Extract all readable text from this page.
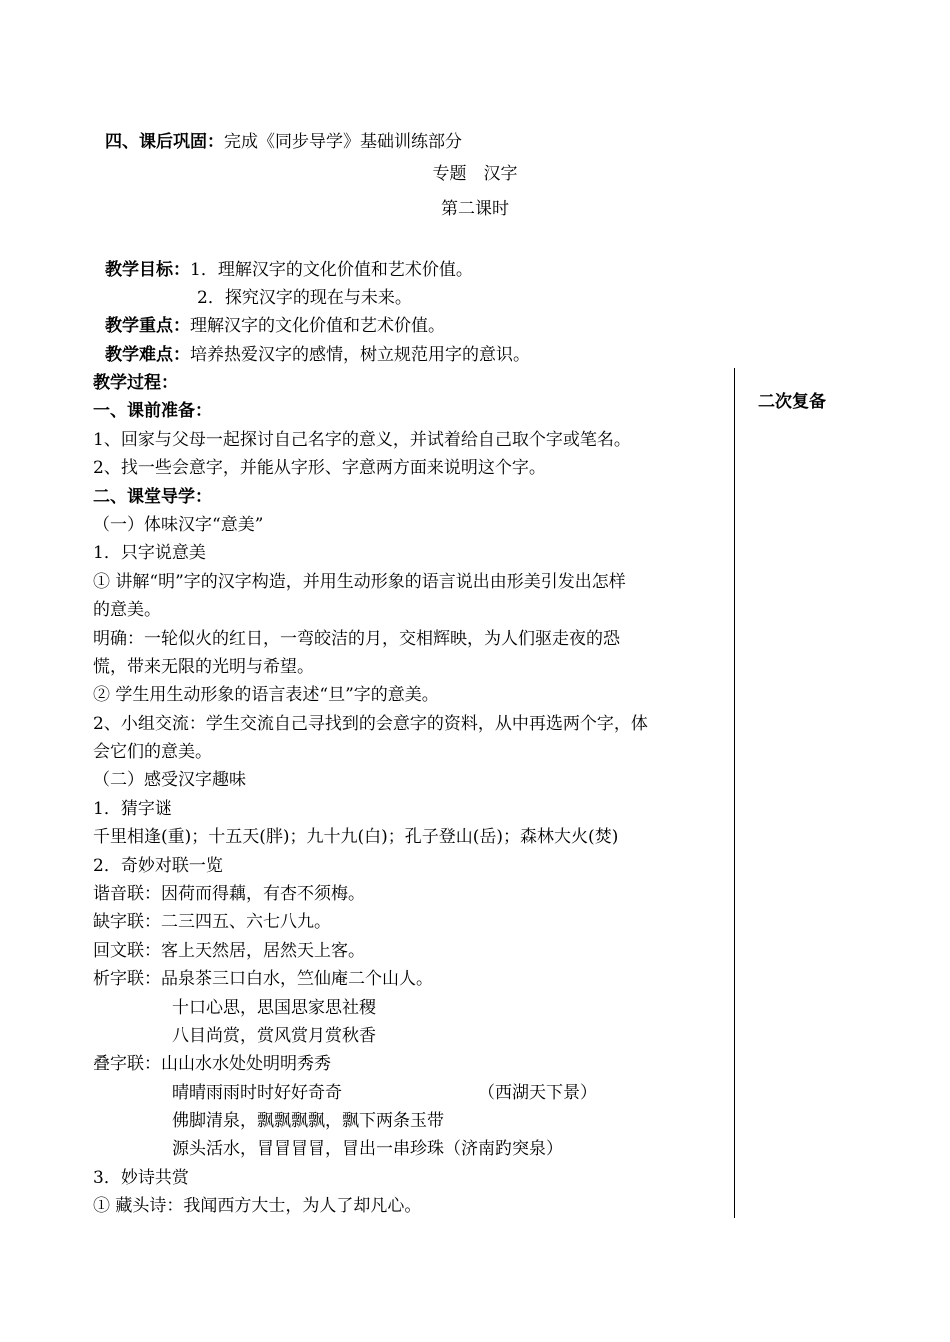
四、课后巩固：完成《同步导学》基础训练部分
专题　汉字
第二课时
教学目标：1．理解汉字的文化价值和艺术价值。
2．探究汉字的现在与未来。
教学重点：理解汉字的文化价值和艺术价值。
教学难点：培养热爱汉字的感情，树立规范用字的意识。
二次复备
教学过程：
一、课前准备：
1、回家与父母一起探讨自己名字的意义，并试着给自己取个字或笔名。
2、找一些会意字，并能从字形、字意两方面来说明这个字。
二、课堂导学：
（一）体味汉字“意美”
1．只字说意美
① 讲解“明”字的汉字构造，并用生动形象的语言说出由形美引发出怎样
的意美。
明确：一轮似火的红日，一弯皎洁的月，交相辉映，为人们驱走夜的恐
慌，带来无限的光明与希望。
② 学生用生动形象的语言表述“旦”字的意美。
2、小组交流：学生交流自己寻找到的会意字的资料，从中再选两个字，体
会它们的意美。
（二）感受汉字趣味
1．猜字谜
千里相逢(重)；十五天(胖)；九十九(白)；孔子登山(岳)；森林大火(焚)
2．奇妙对联一览
谐音联：因荷而得藕，有杏不须梅。
缺字联：二三四五、六七八九。
回文联：客上天然居，居然天上客。
析字联：品泉茶三口白水，竺仙庵二个山人。
十口心思，思国思家思社稷
八目尚赏，赏风赏月赏秋香
叠字联：山山水水处处明明秀秀
晴晴雨雨时时好好奇奇	（西湖天下景）
佛脚清泉，飘飘飘飘，飘下两条玉带
源头活水，冒冒冒冒，冒出一串珍珠（济南趵突泉）
3．妙诗共赏
① 藏头诗：我闻西方大士，为人了却凡心。
